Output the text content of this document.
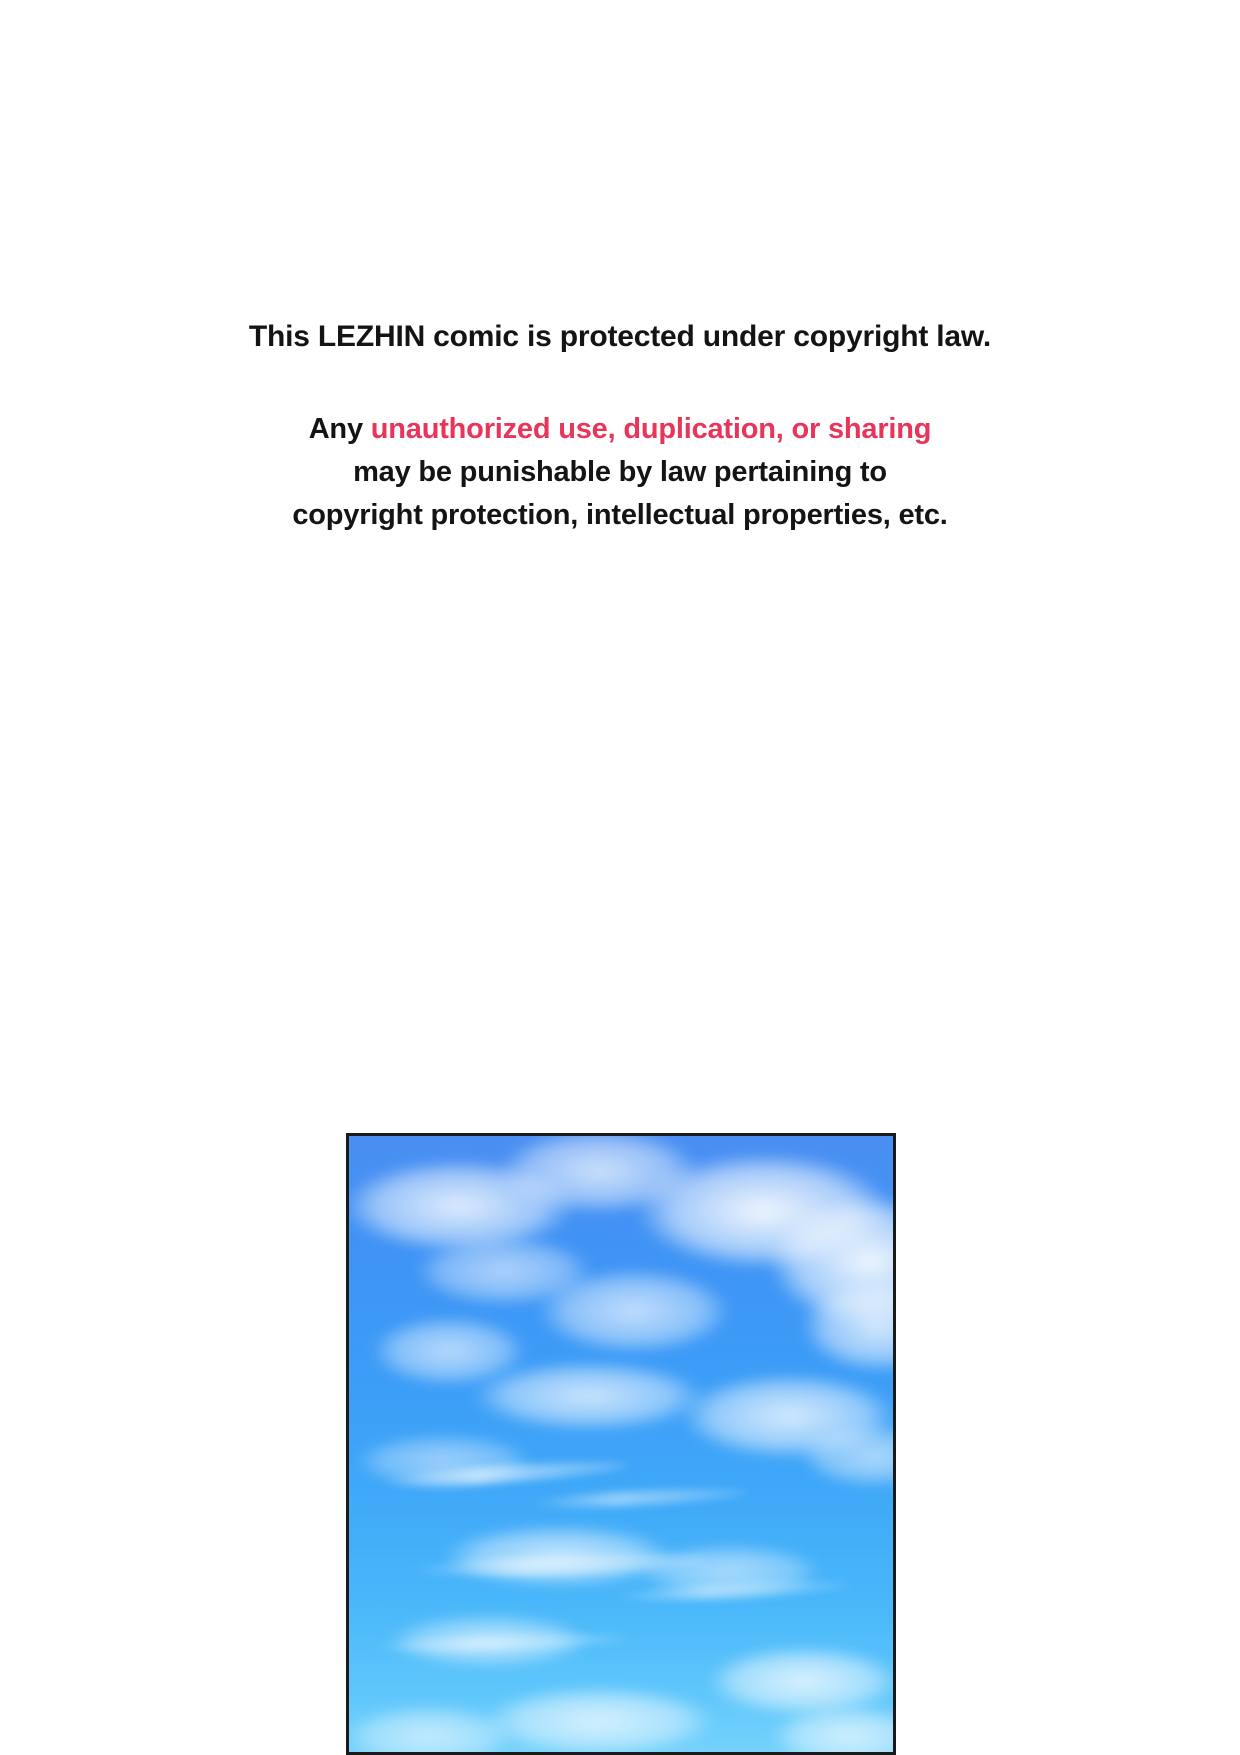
This LEZHIN comic is protected under copyright law.
Any unauthorized use, duplication, or sharing
may be punishable by law pertaining to
copyright protection, intellectual properties, etc.
